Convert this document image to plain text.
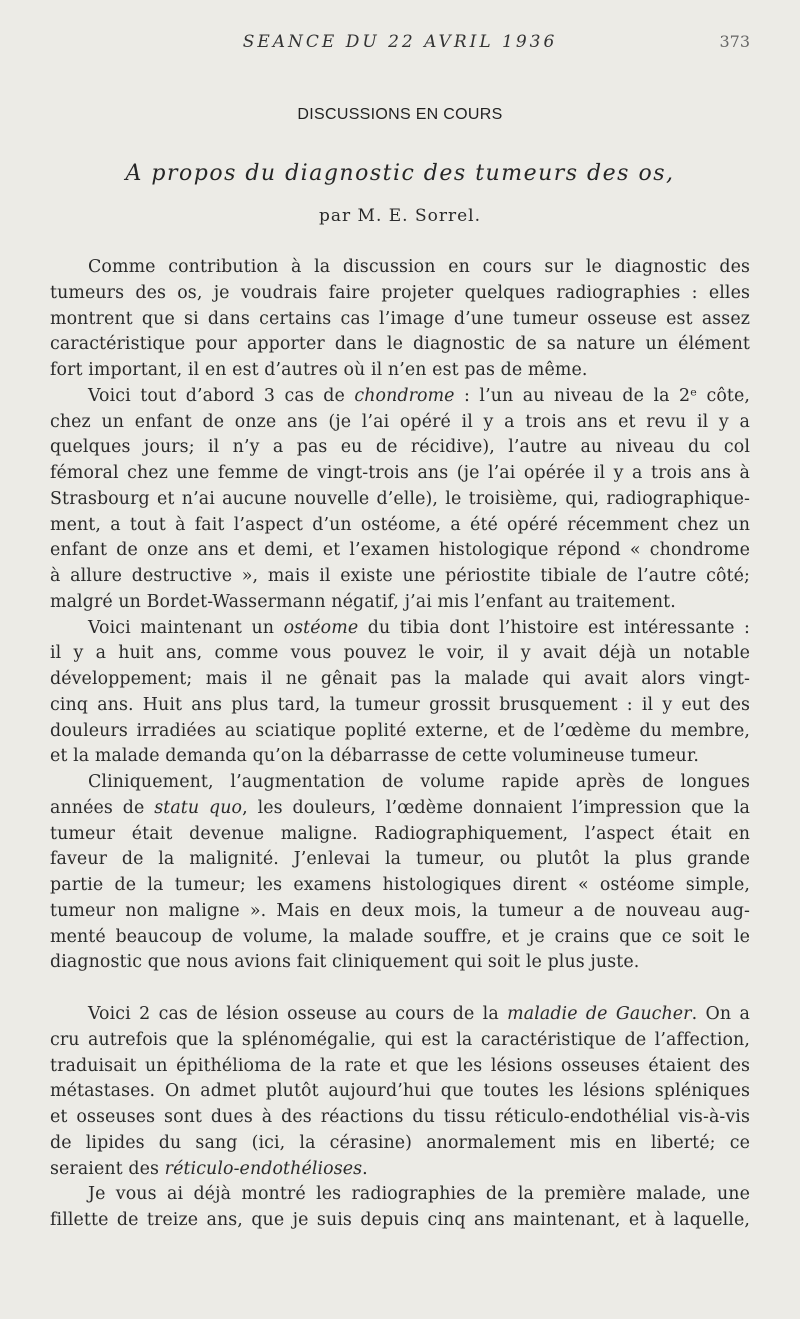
SEANCE DU 22 AVRIL 1936	373
DISCUSSIONS EN COURS
A propos du diagnostic des tumeurs des os,
par M. E. Sorrel.
Comme contribution à la discussion en cours sur le diagnostic des
tumeurs des os, je voudrais faire projeter quelques radiographies : elles
montrent que si dans certains cas l’image d’une tumeur osseuse est assez
caractéristique pour apporter dans le diagnostic de sa nature un élément
fort important, il en est d’autres où il n’en est pas de même.
Voici tout d’abord 3 cas de chondrome : l’un au niveau de la 2ᵉ côte,
chez un enfant de onze ans (je l’ai opéré il y a trois ans et revu il y a
quelques jours; il n’y a pas eu de récidive), l’autre au niveau du col
fémoral chez une femme de vingt-trois ans (je l’ai opérée il y a trois ans à
Strasbourg et n’ai aucune nouvelle d’elle), le troisième, qui, radiographique-
ment, a tout à fait l’aspect d’un ostéome, a été opéré récemment chez un
enfant de onze ans et demi, et l’examen histologique répond « chondrome
à allure destructive », mais il existe une périostite tibiale de l’autre côté;
malgré un Bordet-Wassermann négatif, j’ai mis l’enfant au traitement.
Voici maintenant un ostéome du tibia dont l’histoire est intéressante :
il y a huit ans, comme vous pouvez le voir, il y avait déjà un notable
développement; mais il ne gênait pas la malade qui avait alors vingt-
cinq ans. Huit ans plus tard, la tumeur grossit brusquement : il y eut des
douleurs irradiées au sciatique poplité externe, et de l’œdème du membre,
et la malade demanda qu’on la débarrasse de cette volumineuse tumeur.
Cliniquement, l’augmentation de volume rapide après de longues
années de statu quo, les douleurs, l’œdème donnaient l’impression que la
tumeur était devenue maligne. Radiographiquement, l’aspect était en
faveur de la malignité. J’enlevai la tumeur, ou plutôt la plus grande
partie de la tumeur; les examens histologiques dirent « ostéome simple,
tumeur non maligne ». Mais en deux mois, la tumeur a de nouveau aug-
menté beaucoup de volume, la malade souffre, et je crains que ce soit le
diagnostic que nous avions fait cliniquement qui soit le plus juste.
Voici 2 cas de lésion osseuse au cours de la maladie de Gaucher. On a
cru autrefois que la splénomégalie, qui est la caractéristique de l’affection,
traduisait un épithélioma de la rate et que les lésions osseuses étaient des
métastases. On admet plutôt aujourd’hui que toutes les lésions spléniques
et osseuses sont dues à des réactions du tissu réticulo-endothélial vis-à-vis
de lipides du sang (ici, la cérasine) anormalement mis en liberté; ce
seraient des réticulo-endothélioses.
Je vous ai déjà montré les radiographies de la première malade, une
fillette de treize ans, que je suis depuis cinq ans maintenant, et à laquelle,
